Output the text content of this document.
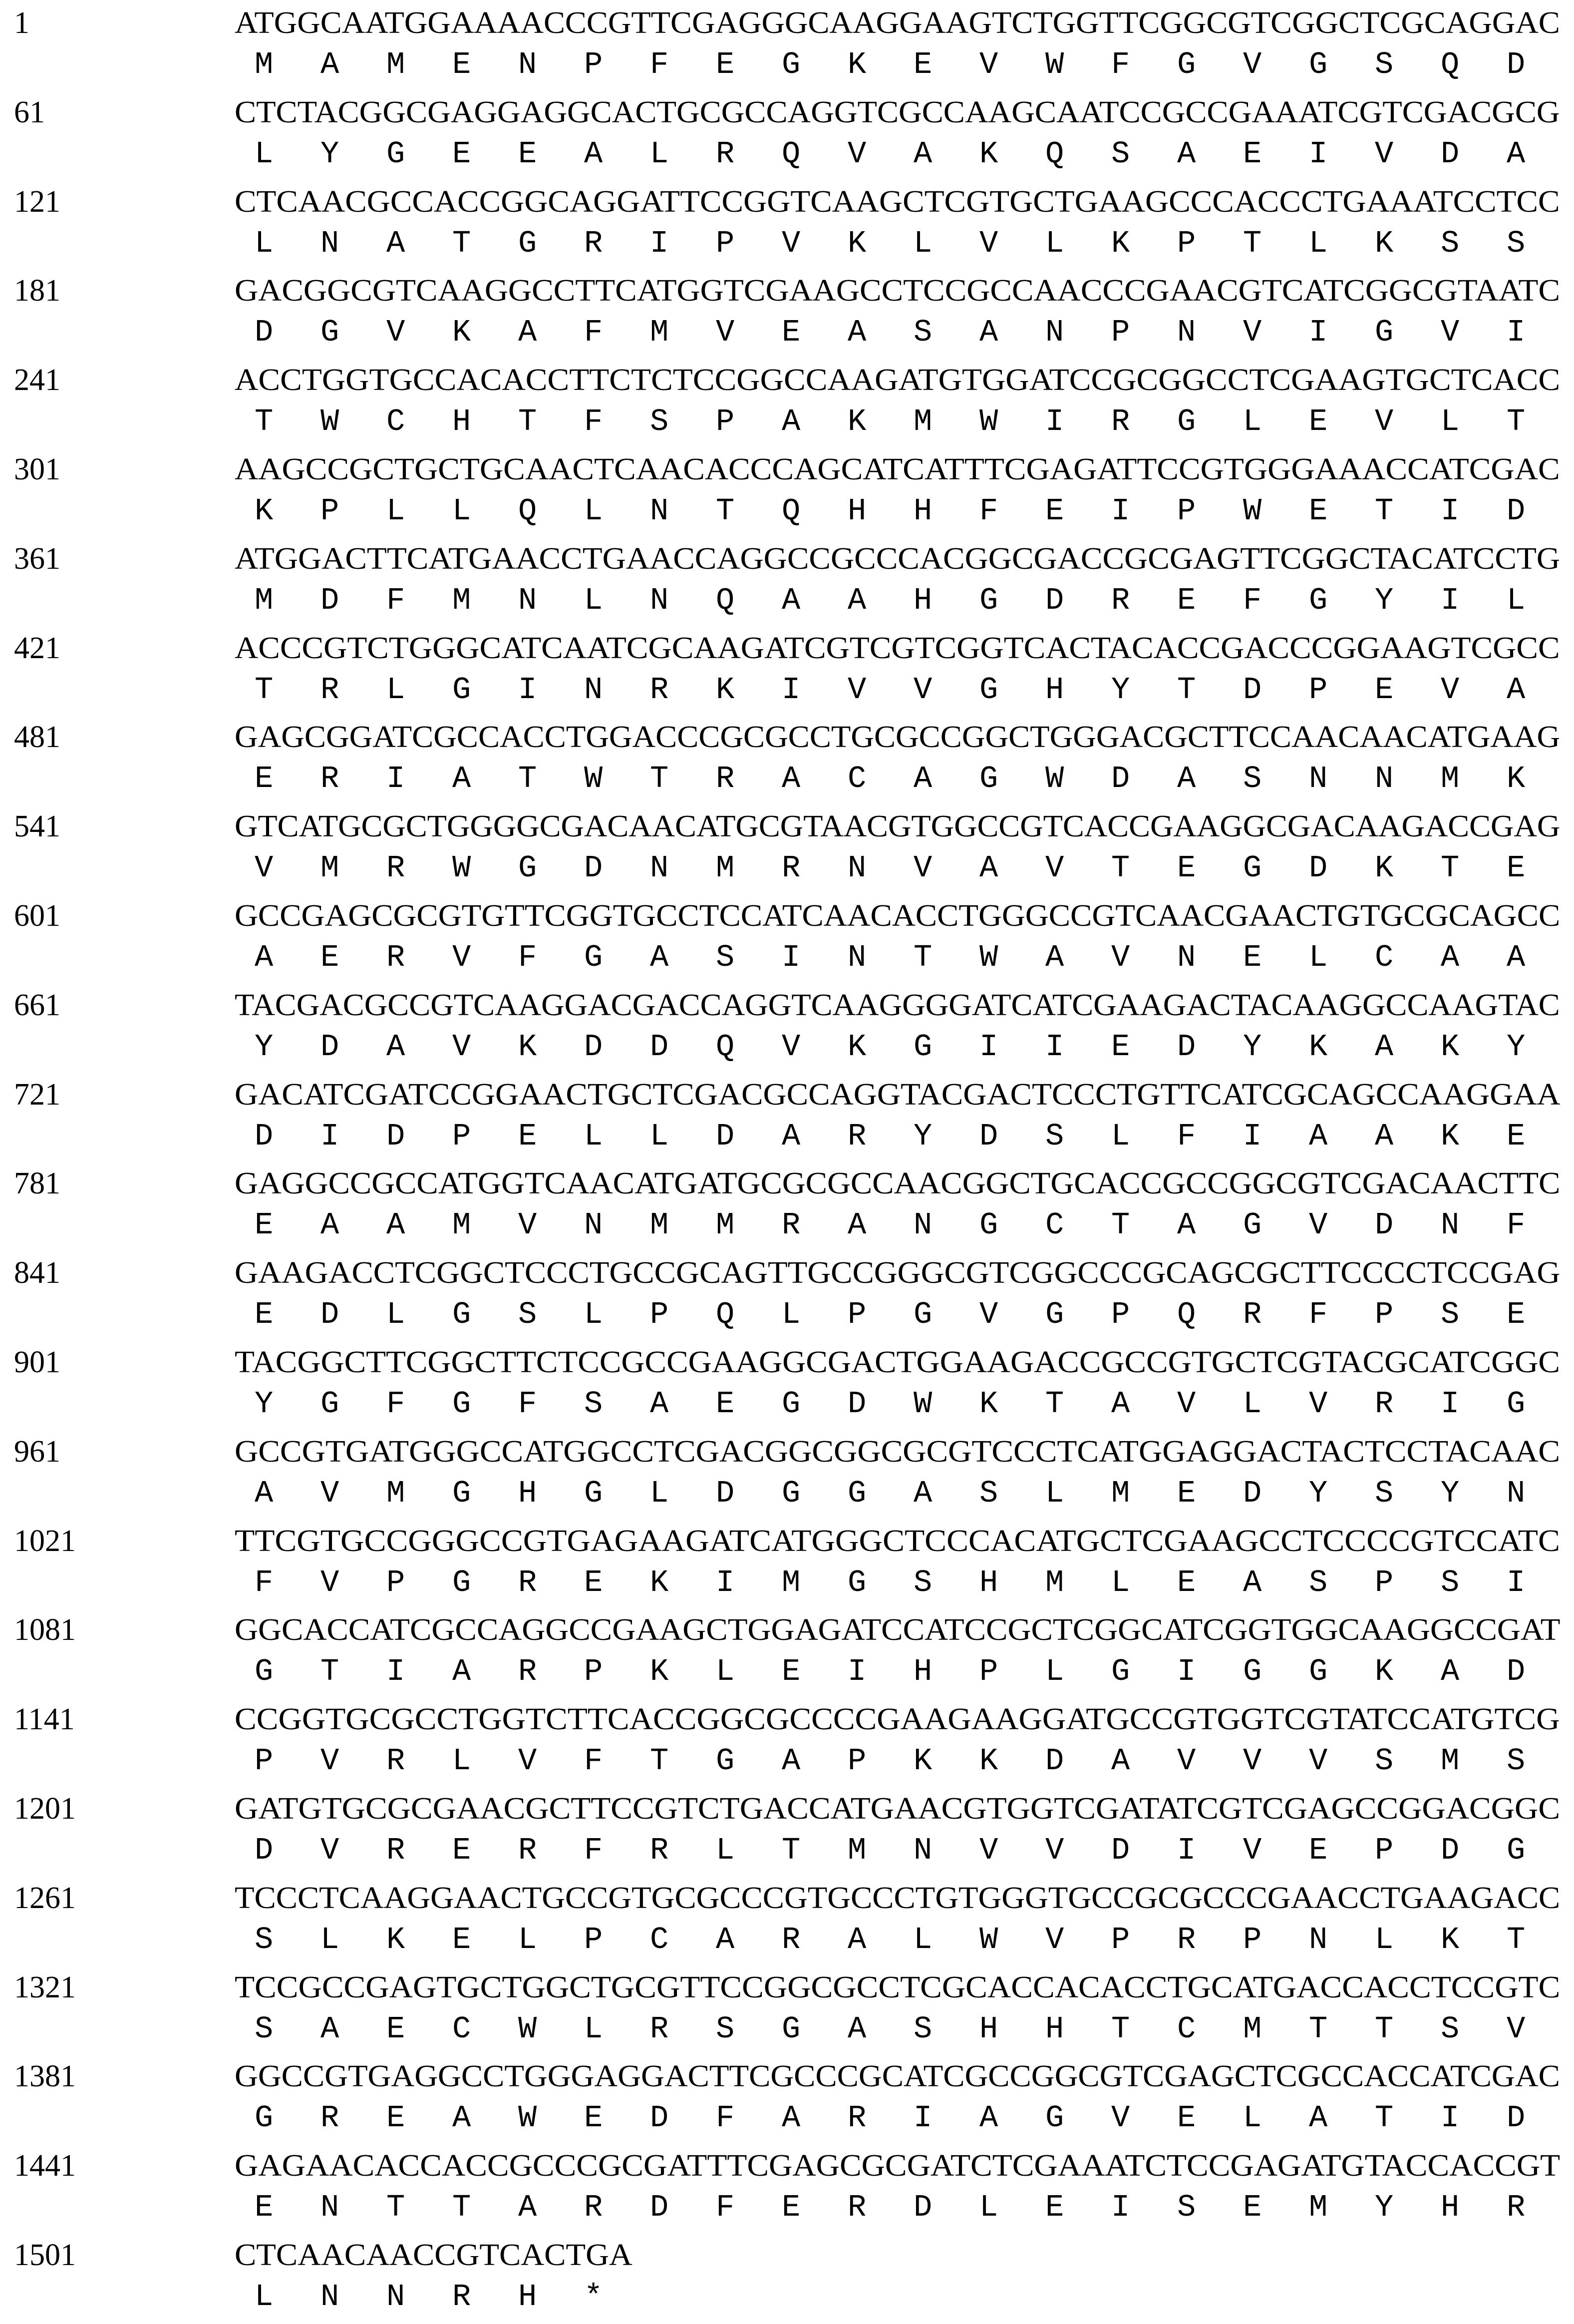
1	ATGGCAATGGAAAACCCGTTCGAGGGCAAGGAAGTCTGGTTCGGCGTCGGCTCGCAGGAC
M A M E N P F E G K E V W F G V G S Q D
61	CTCTACGGCGAGGAGGCACTGCGCCAGGTCGCCAAGCAATCCGCCGAAATCGTCGACGCG
L Y G E E A L R Q V A K Q S A E I V D A
121	CTCAACGCCACCGGCAGGATTCCGGTCAAGCTCGTGCTGAAGCCCACCCTGAAATCCTCC
L N A T G R I P V K L V L K P T L K S S
181	GACGGCGTCAAGGCCTTCATGGTCGAAGCCTCCGCCAACCCGAACGTCATCGGCGTAATC
D G V K A F M V E A S A N P N V I G V I
241	ACCTGGTGCCACACCTTCTCTCCGGCCAAGATGTGGATCCGCGGCCTCGAAGTGCTCACC
T W C H T F S P A K M W I R G L E V L T
301	AAGCCGCTGCTGCAACTCAACACCCAGCATCATTTCGAGATTCCGTGGGAAACCATCGAC
K P L L Q L N T Q H H F E I P W E T I D
361	ATGGACTTCATGAACCTGAACCAGGCCGCCCACGGCGACCGCGAGTTCGGCTACATCCTG
M D F M N L N Q A A H G D R E F G Y I L
421	ACCCGTCTGGGCATCAATCGCAAGATCGTCGTCGGTCACTACACCGACCCGGAAGTCGCC
T R L G I N R K I V V G H Y T D P E V A
481	GAGCGGATCGCCACCTGGACCCGCGCCTGCGCCGGCTGGGACGCTTCCAACAACATGAAG
E R I A T W T R A C A G W D A S N N M K
541	GTCATGCGCTGGGGCGACAACATGCGTAACGTGGCCGTCACCGAAGGCGACAAGACCGAG
V M R W G D N M R N V A V T E G D K T E
601	GCCGAGCGCGTGTTCGGTGCCTCCATCAACACCTGGGCCGTCAACGAACTGTGCGCAGCC
A E R V F G A S I N T W A V N E L C A A
661	TACGACGCCGTCAAGGACGACCAGGTCAAGGGGATCATCGAAGACTACAAGGCCAAGTAC
Y D A V K D D Q V K G I I E D Y K A K Y
721	GACATCGATCCGGAACTGCTCGACGCCAGGTACGACTCCCTGTTCATCGCAGCCAAGGAA
D I D P E L L D A R Y D S L F I A A K E
781	GAGGCCGCCATGGTCAACATGATGCGCGCCAACGGCTGCACCGCCGGCGTCGACAACTTC
E A A M V N M M R A N G C T A G V D N F
841	GAAGACCTCGGCTCCCTGCCGCAGTTGCCGGGCGTCGGCCCGCAGCGCTTCCCCTCCGAG
E D L G S L P Q L P G V G P Q R F P S E
901	TACGGCTTCGGCTTCTCCGCCGAAGGCGACTGGAAGACCGCCGTGCTCGTACGCATCGGC
Y G F G F S A E G D W K T A V L V R I G
961	GCCGTGATGGGCCATGGCCTCGACGGCGGCGCGTCCCTCATGGAGGACTACTCCTACAAC
A V M G H G L D G G A S L M E D Y S Y N
1021	TTCGTGCCGGGCCGTGAGAAGATCATGGGCTCCCACATGCTCGAAGCCTCCCCGTCCATC
F V P G R E K I M G S H M L E A S P S I
1081	GGCACCATCGCCAGGCCGAAGCTGGAGATCCATCCGCTCGGCATCGGTGGCAAGGCCGAT
G T I A R P K L E I H P L G I G G K A D
1141	CCGGTGCGCCTGGTCTTCACCGGCGCCCCGAAGAAGGATGCCGTGGTCGTATCCATGTCG
P V R L V F T G A P K K D A V V V S M S
1201	GATGTGCGCGAACGCTTCCGTCTGACCATGAACGTGGTCGATATCGTCGAGCCGGACGGC
D V R E R F R L T M N V V D I V E P D G
1261	TCCCTCAAGGAACTGCCGTGCGCCCGTGCCCTGTGGGTGCCGCGCCCGAACCTGAAGACC
S L K E L P C A R A L W V P R P N L K T
1321	TCCGCCGAGTGCTGGCTGCGTTCCGGCGCCTCGCACCACACCTGCATGACCACCTCCGTC
S A E C W L R S G A S H H T C M T T S V
1381	GGCCGTGAGGCCTGGGAGGACTTCGCCCGCATCGCCGGCGTCGAGCTCGCCACCATCGAC
G R E A W E D F A R I A G V E L A T I D
1441	GAGAACACCACCGCCCGCGATTTCGAGCGCGATCTCGAAATCTCCGAGATGTACCACCGT
E N T T A R D F E R D L E I S E M Y H R
1501	CTCAACAACCGTCACTGA
L N N R H *
